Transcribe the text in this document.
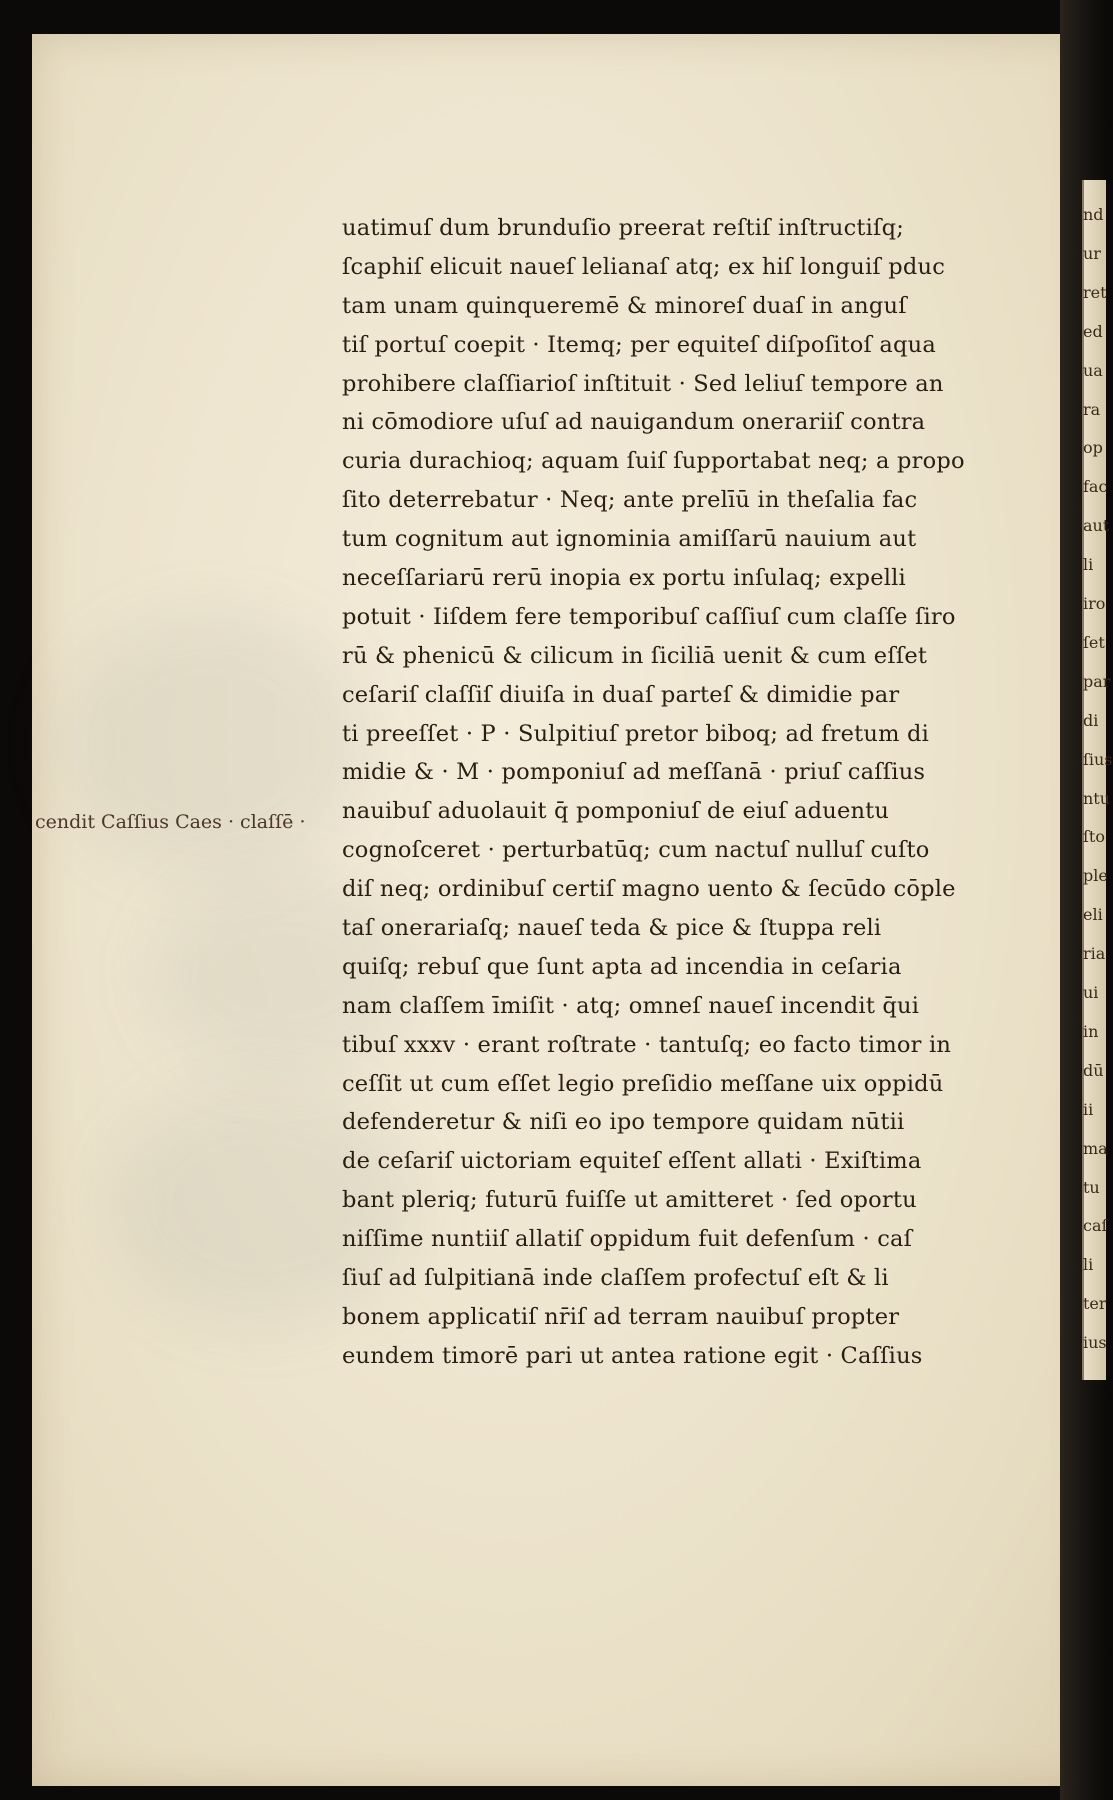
cendit Caſſius Caes · claſſē ·
uatimuſ dum brunduſio preerat reſtiſ inſtructiſq;
ſcaphiſ elicuit naueſ lelianaſ atq; ex hiſ longuiſ pduc
tam unam quinqueremē & minoreſ duaſ in anguſ
tiſ portuſ coepit · Itemq; per equiteſ diſpoſitoſ aqua
prohibere claſſiarioſ inſtituit · Sed leliuſ tempore an
ni cōmodiore uſuſ ad nauigandum onerariiſ contra
curia durachioq; aquam ſuiſ ſupportabat neq; a propo
ſito deterrebatur · Neq; ante prelīū in theſalia fac
tum cognitum aut ignominia amiſſarū nauium aut
neceſſariarū rerū inopia ex portu inſulaq; expelli
potuit · Iiſdem fere temporibuſ caſſiuſ cum claſſe ſiro
rū & phenicū & cilicum in ſiciliā uenit & cum eſſet
ceſariſ claſſiſ diuiſa in duaſ parteſ & dimidie par
ti preeſſet · P · Sulpitiuſ pretor biboq; ad fretum di
midie & · M · pomponiuſ ad meſſanā · priuſ caſſius
nauibuſ aduolauit q̄ pomponiuſ de eiuſ aduentu
cognoſceret · perturbatūq; cum nactuſ nulluſ cuſto
diſ neq; ordinibuſ certiſ magno uento & ſecūdo cōple
taſ onerariaſq; naueſ teda & pice & ſtuppa reli
quiſq; rebuſ que ſunt apta ad incendia in ceſaria
nam claſſem īmiſit · atq; omneſ naueſ incendit q̄ui
tibuſ xxxv · erant roſtrate · tantuſq; eo facto timor in
ceſſit ut cum eſſet legio preſidio meſſane uix oppidū
defenderetur & niſi eo ipo tempore quidam nūtii
de ceſariſ uictoriam equiteſ eſſent allati · Exiſtima
bant pleriq; futurū fuiſſe ut amitteret · ſed oportu
niſſime nuntiiſ allatiſ oppidum fuit defenſum · caſ
ſiuſ ad ſulpitianā inde claſſem profectuſ eſt & li
bonem applicatiſ nr̄iſ ad terram nauibuſ propter
eundem timorē pari ut antea ratione egit · Caſſius
nd
ur
ret
ed
ua
ra
op
fac
aut
li
iro
ſet
par
di
ſius
ntu
ſto
ple
eli
ria
ui
in
dū
ii
ma
tu
caſ
li
ter
ius
